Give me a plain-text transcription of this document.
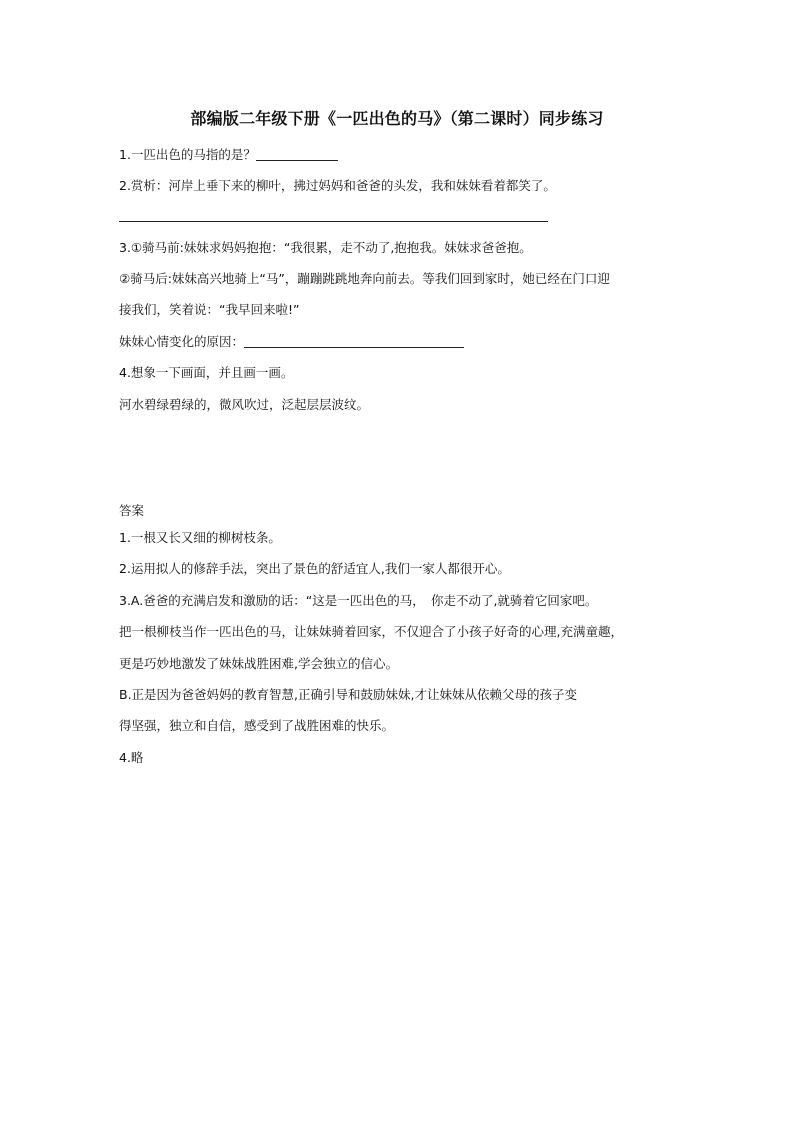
部编版二年级下册《一匹出色的马》（第二课时）同步练习
1.一匹出色的马指的是？
2.赏析：河岸上垂下来的柳叶，拂过妈妈和爸爸的头发，我和妹妹看着都笑了。
3.①骑马前:妹妹求妈妈抱抱：“我很累，走不动了,抱抱我。妹妹求爸爸抱。
②骑马后:妹妹高兴地骑上“马”，蹦蹦跳跳地奔向前去。等我们回到家时，她已经在门口迎
接我们，笑着说：“我早回来啦!”
妹妹心情变化的原因：
4.想象一下画面，并且画一画。
河水碧绿碧绿的，微风吹过，泛起层层波纹。
答案
1.一根又长又细的柳树枝条。
2.运用拟人的修辞手法，突出了景色的舒适宜人,我们一家人都很开心。
3.A.爸爸的充满启发和激励的话：“这是一匹出色的马，　你走不动了,就骑着它回家吧。
把一根柳枝当作一匹出色的马，让妹妹骑着回家，不仅迎合了小孩子好奇的心理,充满童趣，
更是巧妙地激发了妹妹战胜困难,学会独立的信心。
B.正是因为爸爸妈妈的教育智慧,正确引导和鼓励妹妹,才让妹妹从依赖父母的孩子变
得坚强，独立和自信，感受到了战胜困难的快乐。
4.略
